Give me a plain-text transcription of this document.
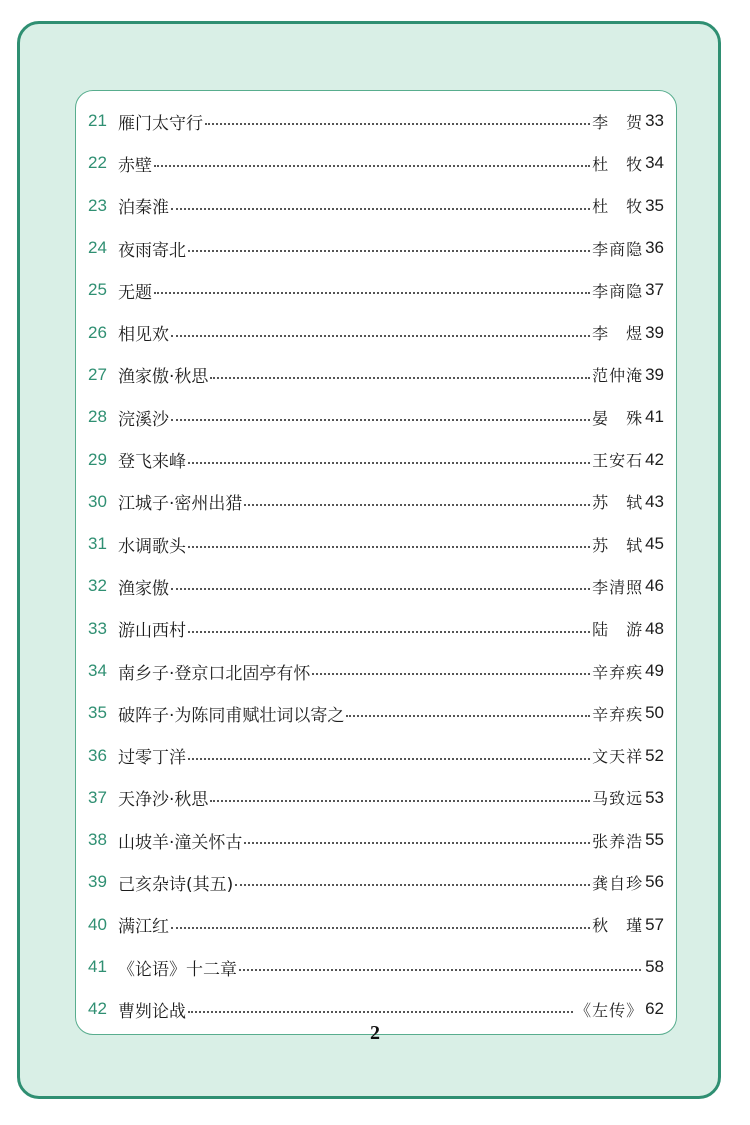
21 雁门太守行	李　贺 33
22 赤壁	杜　牧 34
23 泊秦淮	杜　牧 35
24 夜雨寄北	李商隐 36
25 无题	李商隐 37
26 相见欢	李　煜 39
27 渔家傲·秋思	范仲淹 39
28 浣溪沙	晏　殊 41
29 登飞来峰	王安石 42
30 江城子·密州出猎	苏　轼 43
31 水调歌头	苏　轼 45
32 渔家傲	李清照 46
33 游山西村	陆　游 48
34 南乡子·登京口北固亭有怀	辛弃疾 49
35 破阵子·为陈同甫赋壮词以寄之	辛弃疾 50
36 过零丁洋	文天祥 52
37 天净沙·秋思	马致远 53
38 山坡羊·潼关怀古	张养浩 55
39 己亥杂诗(其五)	龚自珍 56
40 满江红	秋　瑾 57
41 《论语》十二章	58
42 曹刿论战	《左传》 62
2
